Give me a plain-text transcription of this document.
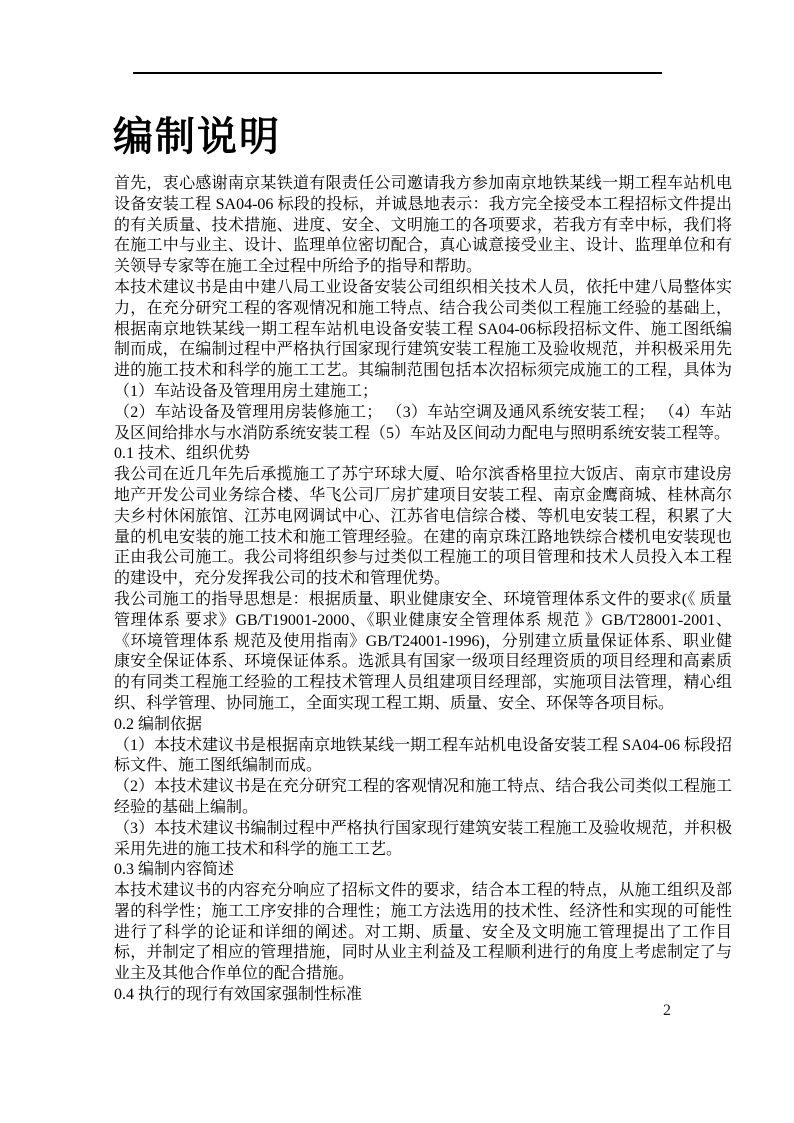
编制说明

首先，衷心感谢南京某铁道有限责任公司邀请我方参加南京地铁某线一期工程车站机电设备安装工程 SA04-06 标段的投标，并诚恳地表示：我方完全接受本工程招标文件提出的有关质量、技术措施、进度、安全、文明施工的各项要求，若我方有幸中标，我们将在施工中与业主、设计、监理单位密切配合，真心诚意接受业主、设计、监理单位和有关领导专家等在施工全过程中所给予的指导和帮助。

本技术建议书是由中建八局工业设备安装公司组织相关技术人员，依托中建八局整体实力，在充分研究工程的客观情况和施工特点、结合我公司类似工程施工经验的基础上，根据南京地铁某线一期工程车站机电设备安装工程 SA04-06标段招标文件、施工图纸编制而成，在编制过程中严格执行国家现行建筑安装工程施工及验收规范，并积极采用先进的施工技术和科学的施工工艺。其编制范围包括本次招标须完成施工的工程，具体为（1）车站设备及管理用房土建施工；

（2）车站设备及管理用房装修施工； （3）车站空调及通风系统安装工程； （4）车站及区间给排水与水消防系统安装工程（5）车站及区间动力配电与照明系统安装工程等。

0.1 技术、组织优势

我公司在近几年先后承揽施工了苏宁环球大厦、哈尔滨香格里拉大饭店、南京市建设房地产开发公司业务综合楼、华飞公司厂房扩建项目安装工程、南京金鹰商城、桂林高尔夫乡村休闲旅馆、江苏电网调试中心、江苏省电信综合楼、等机电安装工程，积累了大量的机电安装的施工技术和施工管理经验。在建的南京珠江路地铁综合楼机电安装现也正由我公司施工。我公司将组织参与过类似工程施工的项目管理和技术人员投入本工程的建设中，充分发挥我公司的技术和管理优势。

我公司施工的指导思想是：根据质量、职业健康安全、环境管理体系文件的要求(《 质量管理体系 要求》GB/T19001-2000、《职业健康安全管理体系 规范 》GB/T28001-2001、《环境管理体系 规范及使用指南》GB/T24001-1996)，分别建立质量保证体系、职业健康安全保证体系、环境保证体系。选派具有国家一级项目经理资质的项目经理和高素质的有同类工程施工经验的工程技术管理人员组建项目经理部，实施项目法管理，精心组织、科学管理、协同施工，全面实现工程工期、质量、安全、环保等各项目标。

0.2 编制依据

（1）本技术建议书是根据南京地铁某线一期工程车站机电设备安装工程 SA04-06 标段招标文件、施工图纸编制而成。

（2）本技术建议书是在充分研究工程的客观情况和施工特点、结合我公司类似工程施工经验的基础上编制。

（3）本技术建议书编制过程中严格执行国家现行建筑安装工程施工及验收规范，并积极采用先进的施工技术和科学的施工工艺。

0.3 编制内容简述

本技术建议书的内容充分响应了招标文件的要求，结合本工程的特点，从施工组织及部署的科学性；施工工序安排的合理性；施工方法选用的技术性、经济性和实现的可能性进行了科学的论证和详细的阐述。对工期、质量、安全及文明施工管理提出了工作目标，并制定了相应的管理措施，同时从业主利益及工程顺利进行的角度上考虑制定了与业主及其他合作单位的配合措施。

0.4 执行的现行有效国家强制性标准

2
